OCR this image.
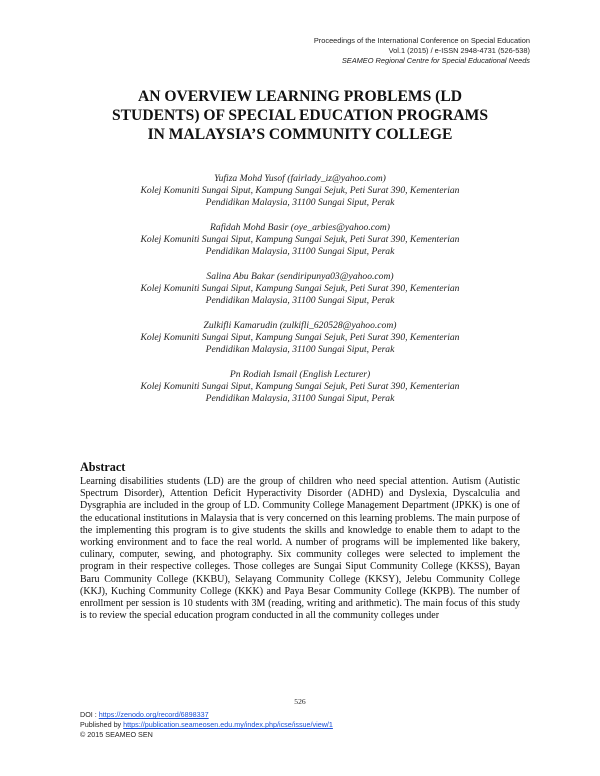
Proceedings of the International Conference on Special Education
Vol.1 (2015) / e-ISSN 2948-4731 (526-538)
SEAMEO Regional Centre for Special Educational Needs
AN OVERVIEW LEARNING PROBLEMS (LD
STUDENTS) OF SPECIAL EDUCATION PROGRAMS
IN MALAYSIA’S COMMUNITY COLLEGE
Yufiza Mohd Yusof (fairlady_iz@yahoo.com)
Kolej Komuniti Sungai Siput, Kampung Sungai Sejuk, Peti Surat 390, Kementerian
Pendidikan Malaysia, 31100 Sungai Siput, Perak
Rafidah Mohd Basir (oye_arbies@yahoo.com)
Kolej Komuniti Sungai Siput, Kampung Sungai Sejuk, Peti Surat 390, Kementerian
Pendidikan Malaysia, 31100 Sungai Siput, Perak
Salina Abu Bakar (sendiripunya03@yahoo.com)
Kolej Komuniti Sungai Siput, Kampung Sungai Sejuk, Peti Surat 390, Kementerian
Pendidikan Malaysia, 31100 Sungai Siput, Perak
Zulkifli Kamarudin (zulkifli_620528@yahoo.com)
Kolej Komuniti Sungai Siput, Kampung Sungai Sejuk, Peti Surat 390, Kementerian
Pendidikan Malaysia, 31100 Sungai Siput, Perak
Pn Rodiah Ismail (English Lecturer)
Kolej Komuniti Sungai Siput, Kampung Sungai Sejuk, Peti Surat 390, Kementerian
Pendidikan Malaysia, 31100 Sungai Siput, Perak
Abstract

Learning disabilities students (LD) are the group of children who need special attention. Autism (Autistic Spectrum Disorder), Attention Deficit Hyperactivity Disorder (ADHD) and Dyslexia, Dyscalculia and Dysgraphia are included in the group of LD. Community College Management Department (JPKK) is one of the educational institutions in Malaysia that is very concerned on this learning problems. The main purpose of the implementing this program is to give students the skills and knowledge to enable them to adapt to the working environment and to face the real world. A number of programs will be implemented like bakery, culinary, computer, sewing, and photography. Six community colleges were selected to implement the program in their respective colleges. Those colleges are Sungai Siput Community College (KKSS), Bayan Baru Community College (KKBU), Selayang Community College (KKSY), Jelebu Community College (KKJ), Kuching Community College (KKK) and Paya Besar Community College (KKPB). The number of enrollment per session is 10 students with 3M (reading, writing and arithmetic). The main focus of this study is to review the special education program conducted in all the community colleges under

526
DOI : https://zenodo.org/record/6898337
Published by https://publication.seameosen.edu.my/index.php/icse/issue/view/1
© 2015 SEAMEO SEN
